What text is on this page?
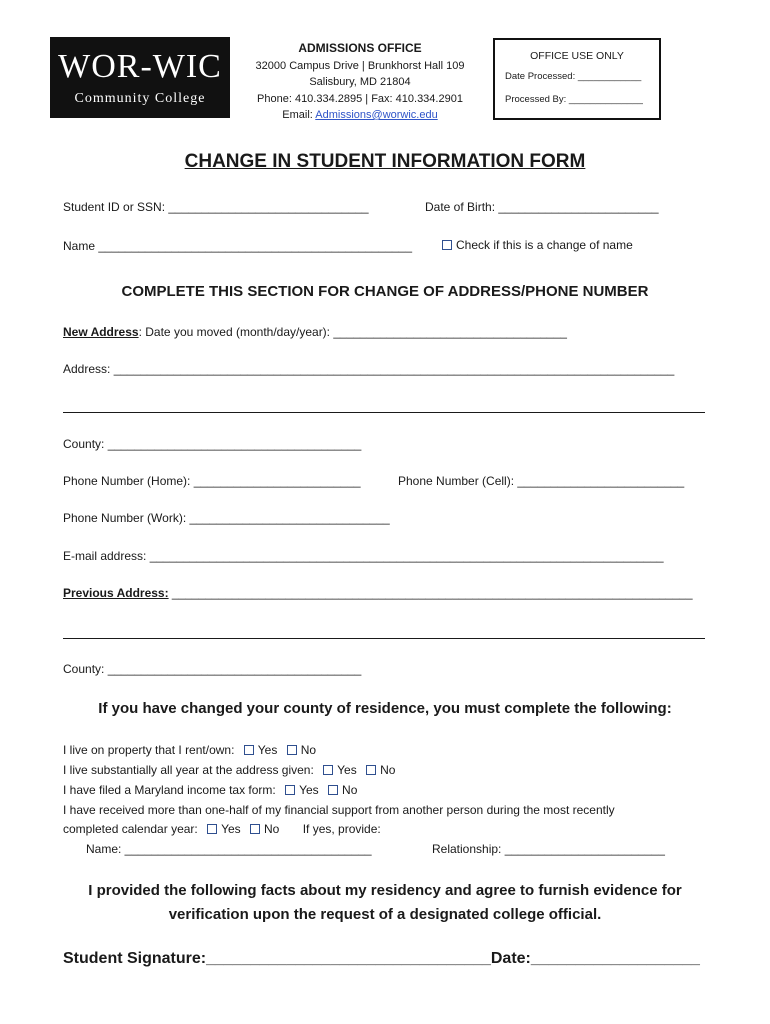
WOR-WIC
Community College
ADMISSIONS OFFICE
32000 Campus Drive | Brunkhorst Hall 109
Salisbury, MD 21804
Phone: 410.334.2895 | Fax: 410.334.2901
Email: Admissions@worwic.edu
OFFICE USE ONLY
Date Processed: ____________
Processed By: ______________
CHANGE IN STUDENT INFORMATION FORM
Student ID or SSN: ______________________________	Date of Birth: ________________________
Name _______________________________________________	Check if this is a change of name
COMPLETE THIS SECTION FOR CHANGE OF ADDRESS/PHONE NUMBER
New Address: Date you moved (month/day/year): ___________________________________
Address: ____________________________________________________________________________________
County: ______________________________________
Phone Number (Home): _________________________	Phone Number (Cell): _________________________
Phone Number (Work): ______________________________
E-mail address: _____________________________________________________________________________
Previous Address: ______________________________________________________________________________
County: ______________________________________
If you have changed your county of residence, you must complete the following:
I live on property that I rent/own: Yes No
I live substantially all year at the address given: Yes No
I have filed a Maryland income tax form: Yes No
I have received more than one-half of my financial support from another person during the most recently
completed calendar year: Yes No If yes, provide:
Name: _____________________________________	Relationship: ________________________
I provided the following facts about my residency and agree to furnish evidence for
verification upon the request of a designated college official.
Student Signature:________________________________Date:___________________
